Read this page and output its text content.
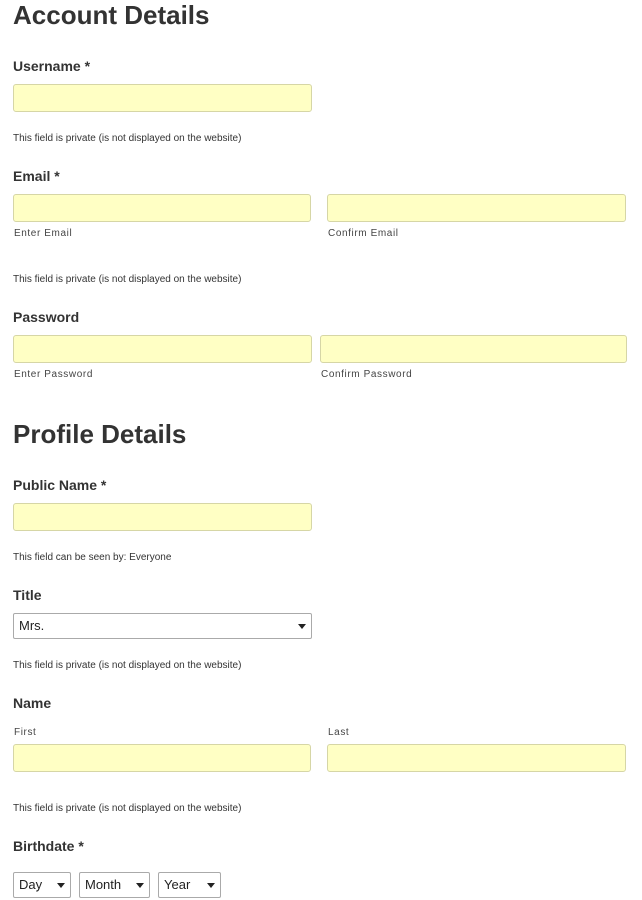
Account Details
Username *
This field is private (is not displayed on the website)
Email *
Enter Email	Confirm Email
This field is private (is not displayed on the website)
Password
Enter Password	Confirm Password
Profile Details
Public Name *
This field can be seen by: Everyone
Title
Mrs.
This field is private (is not displayed on the website)
Name
First	Last
This field is private (is not displayed on the website)
Birthdate *
Day	Month	Year
